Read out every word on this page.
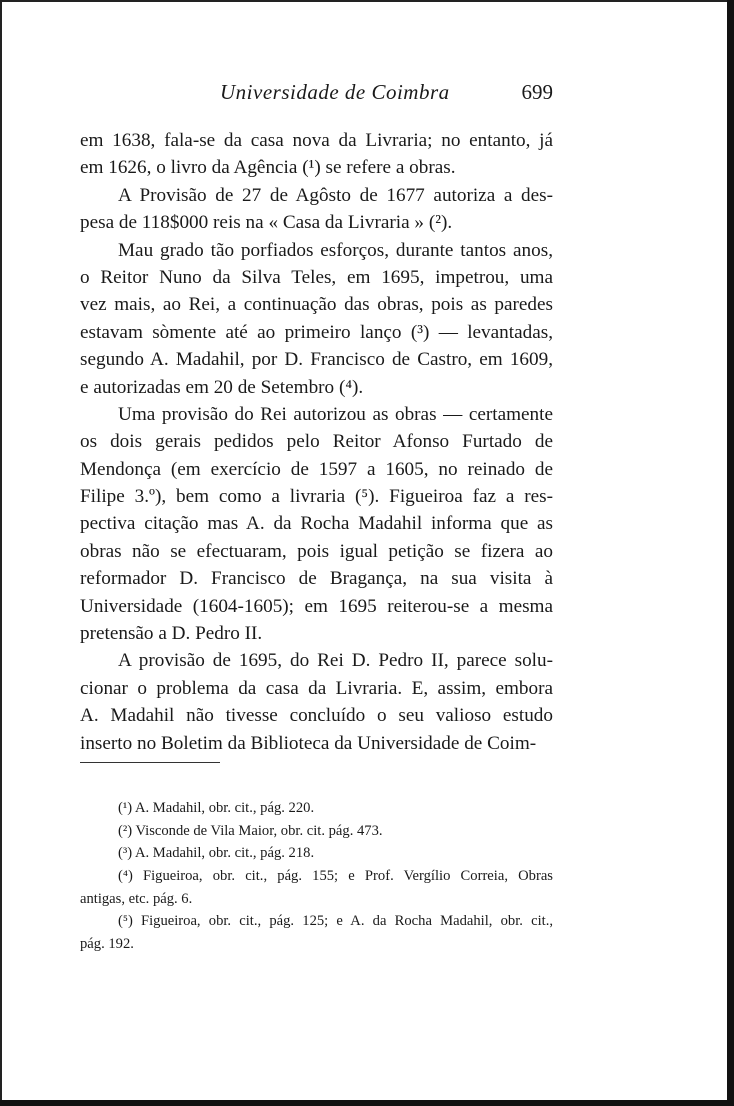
Universidade de Coimbra	699
em 1638, fala-se da casa nova da Livraria; no entanto, já
em 1626, o livro da Agência (¹) se refere a obras.
A Provisão de 27 de Agôsto de 1677 autoriza a des-
pesa de 118$000 reis na « Casa da Livraria » (²).
Mau grado tão porfiados esforços, durante tantos anos,
o Reitor Nuno da Silva Teles, em 1695, impetrou, uma
vez mais, ao Rei, a continuação das obras, pois as paredes
estavam sòmente até ao primeiro lanço (³) — levantadas,
segundo A. Madahil, por D. Francisco de Castro, em 1609,
e autorizadas em 20 de Setembro (⁴).
Uma provisão do Rei autorizou as obras — certamente
os dois gerais pedidos pelo Reitor Afonso Furtado de
Mendonça (em exercício de 1597 a 1605, no reinado de
Filipe 3.º), bem como a livraria (⁵). Figueiroa faz a res-
pectiva citação mas A. da Rocha Madahil informa que as
obras não se efectuaram, pois igual petição se fizera ao
reformador D. Francisco de Bragança, na sua visita à
Universidade (1604-1605); em 1695 reiterou-se a mesma
pretensão a D. Pedro II.
A provisão de 1695, do Rei D. Pedro II, parece solu-
cionar o problema da casa da Livraria. E, assim, embora
A. Madahil não tivesse concluído o seu valioso estudo
inserto no Boletim da Biblioteca da Universidade de Coim-
(¹) A. Madahil, obr. cit., pág. 220.
(²) Visconde de Vila Maior, obr. cit. pág. 473.
(³) A. Madahil, obr. cit., pág. 218.
(⁴) Figueiroa, obr. cit., pág. 155; e Prof. Vergílio Correia, Obras
antigas, etc. pág. 6.
(⁵) Figueiroa, obr. cit., pág. 125; e A. da Rocha Madahil, obr. cit.,
pág. 192.
